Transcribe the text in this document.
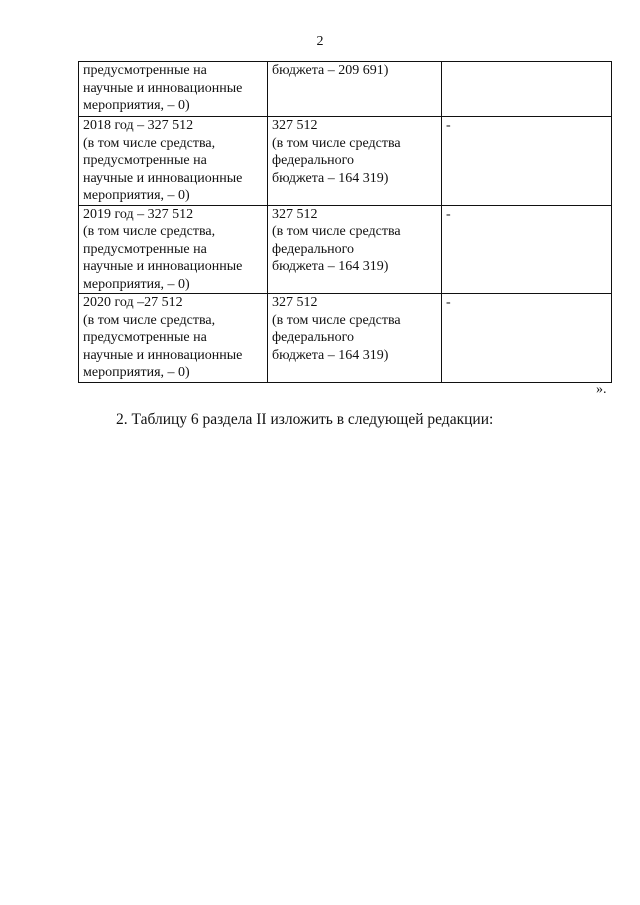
2
предусмотренные на
научные и инновационные
мероприятия, – 0)	бюджета – 209 691)	

2018 год – 327 512
(в том числе средства,
предусмотренные на
научные и инновационные
мероприятия, – 0)	327 512
(в том числе средства
федерального
бюджета – 164 319)	-

2019 год – 327 512
(в том числе средства,
предусмотренные на
научные и инновационные
мероприятия, – 0)	327 512
(в том числе средства
федерального
бюджета – 164 319)	-

2020 год –27 512
(в том числе средства,
предусмотренные на
научные и инновационные
мероприятия, – 0)	327 512
(в том числе средства
федерального
бюджета – 164 319)	-
».
2. Таблицу 6 раздела II изложить в следующей редакции:
